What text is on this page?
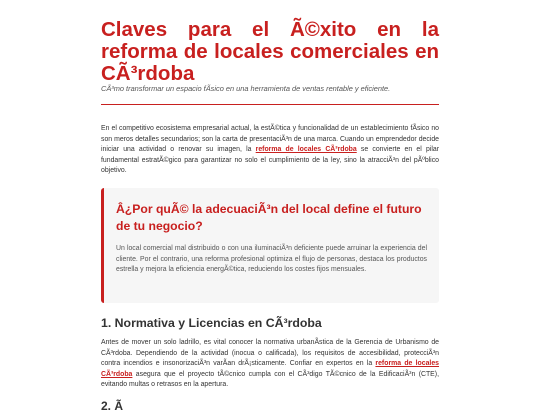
Claves para el Ã©xito en la reforma de locales comerciales en CÃ³rdoba

CÃ³mo transformar un espacio fÃsico en una herramienta de ventas rentable y eficiente.

En el competitivo ecosistema empresarial actual, la estÃ©tica y funcionalidad de un establecimiento fÃsico no son meros detalles secundarios; son la carta de presentaciÃ³n de una marca. Cuando un emprendedor decide iniciar una actividad o renovar su imagen, la reforma de locales CÃ³rdoba se convierte en el pilar fundamental estratÃ©gico para garantizar no solo el cumplimiento de la ley, sino la atracciÃ³n del pÃºblico objetivo.

Â¿Por quÃ© la adecuaciÃ³n del local define el futuro de tu negocio?

Un local comercial mal distribuido o con una iluminaciÃ³n deficiente puede arruinar la experiencia del cliente. Por el contrario, una reforma profesional optimiza el flujo de personas, destaca los productos estrella y mejora la eficiencia energÃ©tica, reduciendo los costes fijos mensuales.

1. Normativa y Licencias en CÃ³rdoba

Antes de mover un solo ladrillo, es vital conocer la normativa urbanÃstica de la Gerencia de Urbanismo de CÃ³rdoba. Dependiendo de la actividad (inocua o calificada), los requisitos de accesibilidad, protecciÃ³n contra incendios e insonorizaciÃ³n varÃan drÃ¡sticamente. Confiar en expertos en la reforma de locales CÃ³rdoba asegura que el proyecto tÃ©cnico cumpla con el CÃ³digo TÃ©cnico de la EdificaciÃ³n (CTE), evitando multas o retrasos en la apertura.

2. Ã
